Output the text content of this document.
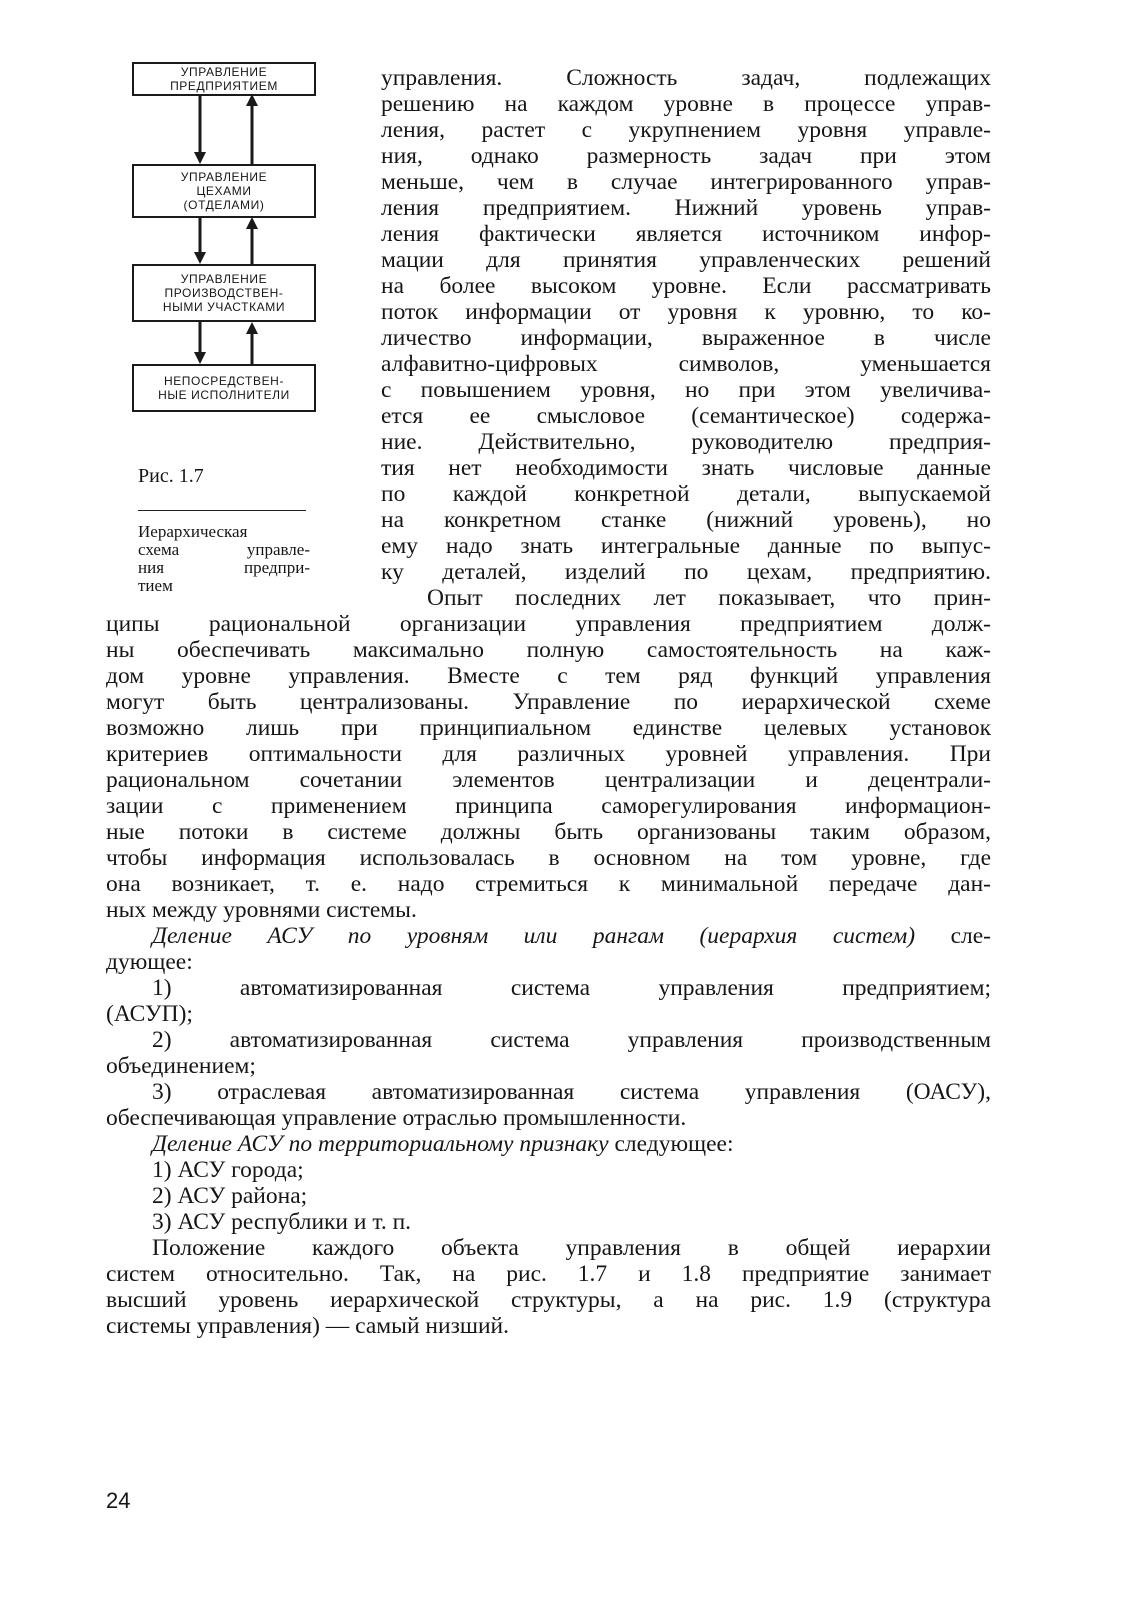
УПРАВЛЕНИЕ
ПРЕДПРИЯТИЕМ
УПРАВЛЕНИЕ
ЦЕХАМИ
(ОТДЕЛАМИ)
УПРАВЛЕНИЕ
ПРОИЗВОДСТВЕН-
НЫМИ УЧАСТКАМИ
НЕПОСРЕДСТВЕН-
НЫЕ ИСПОЛНИТЕЛИ
Рис. 1.7
Иерархическая
схема управле-
ния предпри-
тием
управления. Сложность задач, подлежащих
решению на каждом уровне в процессе управ-
ления, растет с укрупнением уровня управле-
ния, однако размерность задач при этом
меньше, чем в случае интегрированного управ-
ления предприятием. Нижний уровень управ-
ления фактически является источником инфор-
мации для принятия управленческих решений
на более высоком уровне. Если рассматривать
поток информации от уровня к уровню, то ко-
личество информации, выраженное в числе
алфавитно-цифровых символов, уменьшается
с повышением уровня, но при этом увеличива-
ется ее смысловое (семантическое) содержа-
ние. Действительно, руководителю предприя-
тия нет необходимости знать числовые данные
по каждой конкретной детали, выпускаемой
на конкретном станке (нижний уровень), но
ему надо знать интегральные данные по выпус-
ку деталей, изделий по цехам, предприятию.
Опыт последних лет показывает, что прин-
ципы рациональной организации управления предприятием долж-
ны обеспечивать максимально полную самостоятельность на каж-
дом уровне управления. Вместе с тем ряд функций управления
могут быть централизованы. Управление по иерархической схеме
возможно лишь при принципиальном единстве целевых установок
критериев оптимальности для различных уровней управления. При
рациональном сочетании элементов централизации и децентрали-
зации с применением принципа саморегулирования информацион-
ные потоки в системе должны быть организованы таким образом,
чтобы информация использовалась в основном на том уровне, где
она возникает, т. е. надо стремиться к минимальной передаче дан-
ных между уровнями системы.
Деление АСУ по уровням или рангам (иерархия систем) сле-
дующее:
1) автоматизированная система управления предприятием;
(АСУП);
2) автоматизированная система управления производственным
объединением;
3) отраслевая автоматизированная система управления (ОАСУ),
обеспечивающая управление отраслью промышленности.
Деление АСУ по территориальному признаку следующее:
1) АСУ города;
2) АСУ района;
3) АСУ республики и т. п.
Положение каждого объекта управления в общей иерархии
систем относительно. Так, на рис. 1.7 и 1.8 предприятие занимает
высший уровень иерархической структуры, а на рис. 1.9 (структура
системы управления) — самый низший.
24
